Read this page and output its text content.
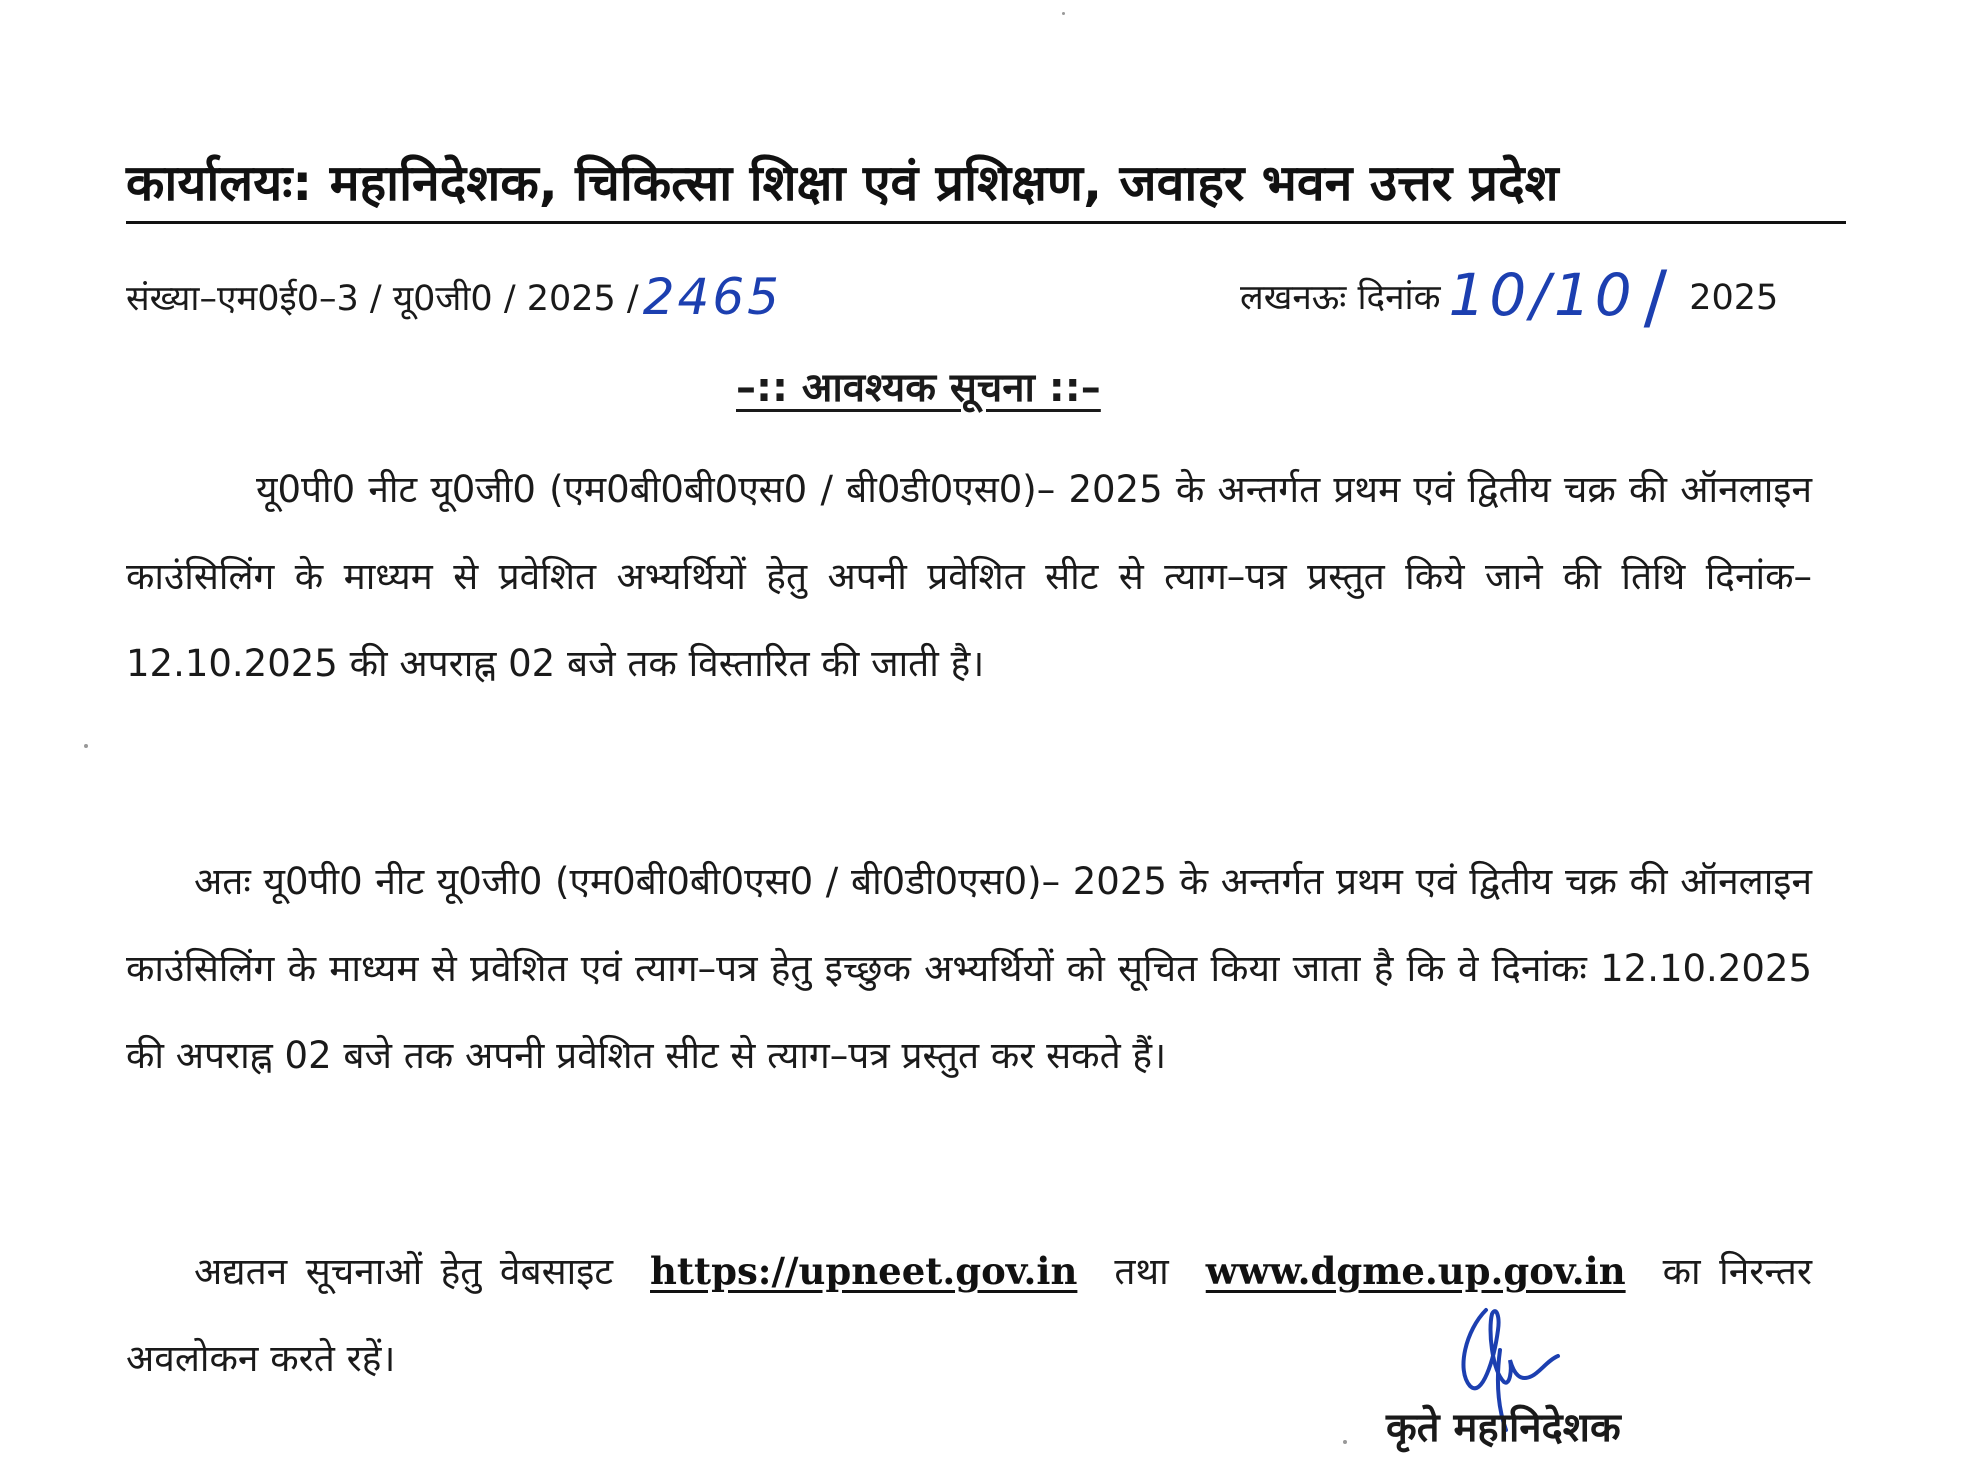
कार्यालयः: महानिदेशक, चिकित्सा शिक्षा एवं प्रशिक्षण, जवाहर भवन उत्तर प्रदेश
संख्या–एम0ई0–3 / यू0जी0 / 2025 /2465	लखनऊः दिनांक 10/10 / 2025
–:: आवश्यक सूचना ::–
यू0पी0 नीट यू0जी0 (एम0बी0बी0एस0 / बी0डी0एस0)– 2025 के अन्तर्गत प्रथम एवं द्वितीय चक्र की ऑनलाइन काउंसिलिंग के माध्यम से प्रवेशित अभ्यर्थियों हेतु अपनी प्रवेशित सीट से त्याग–पत्र प्रस्तुत किये जाने की तिथि दिनांक– 12.10.2025 की अपराह्न 02 बजे तक विस्तारित की जाती है।
अतः यू0पी0 नीट यू0जी0 (एम0बी0बी0एस0 / बी0डी0एस0)– 2025 के अन्तर्गत प्रथम एवं द्वितीय चक्र की ऑनलाइन काउंसिलिंग के माध्यम से प्रवेशित एवं त्याग–पत्र हेतु इच्छुक अभ्यर्थियों को सूचित किया जाता है कि वे दिनांकः 12.10.2025 की अपराह्न 02 बजे तक अपनी प्रवेशित सीट से त्याग–पत्र प्रस्तुत कर सकते हैं।
अद्यतन सूचनाओं हेतु वेबसाइट https://upneet.gov.in तथा www.dgme.up.gov.in का निरन्तर अवलोकन करते रहें।
कृते महानिदेशक
